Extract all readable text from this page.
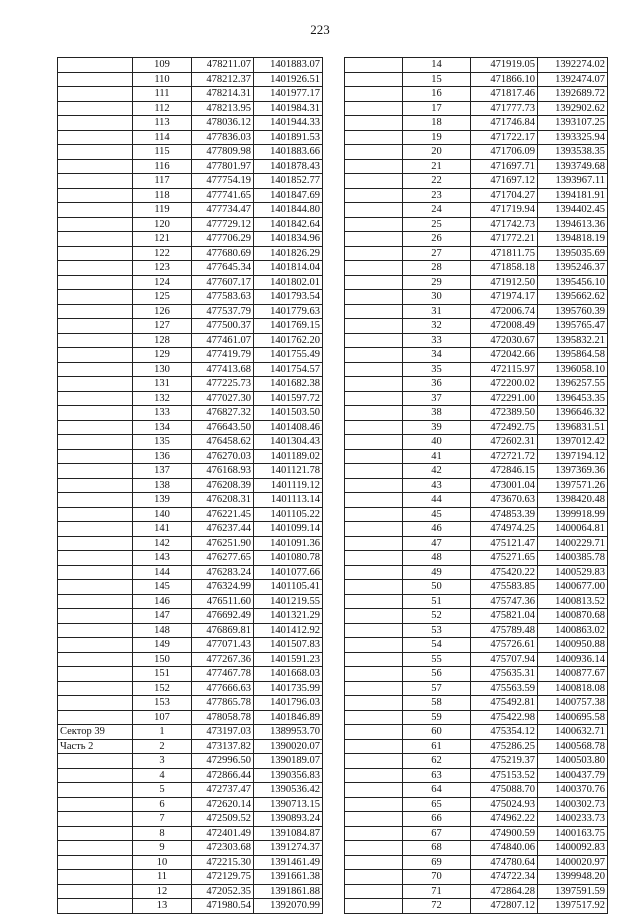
223
	109	478211.07	1401883.07
	110	478212.37	1401926.51
	111	478214.31	1401977.17
	112	478213.95	1401984.31
	113	478036.12	1401944.33
	114	477836.03	1401891.53
	115	477809.98	1401883.66
	116	477801.97	1401878.43
	117	477754.19	1401852.77
	118	477741.65	1401847.69
	119	477734.47	1401844.80
	120	477729.12	1401842.64
	121	477706.29	1401834.96
	122	477680.69	1401826.29
	123	477645.34	1401814.04
	124	477607.17	1401802.01
	125	477583.63	1401793.54
	126	477537.79	1401779.63
	127	477500.37	1401769.15
	128	477461.07	1401762.20
	129	477419.79	1401755.49
	130	477413.68	1401754.57
	131	477225.73	1401682.38
	132	477027.30	1401597.72
	133	476827.32	1401503.50
	134	476643.50	1401408.46
	135	476458.62	1401304.43
	136	476270.03	1401189.02
	137	476168.93	1401121.78
	138	476208.39	1401119.12
	139	476208.31	1401113.14
	140	476221.45	1401105.22
	141	476237.44	1401099.14
	142	476251.90	1401091.36
	143	476277.65	1401080.78
	144	476283.24	1401077.66
	145	476324.99	1401105.41
	146	476511.60	1401219.55
	147	476692.49	1401321.29
	148	476869.81	1401412.92
	149	477071.43	1401507.83
	150	477267.36	1401591.23
	151	477467.78	1401668.03
	152	477666.63	1401735.99
	153	477865.78	1401796.03
	107	478058.78	1401846.89
Сектор 39	1	473197.03	1389953.70
Часть 2	2	473137.82	1390020.07
	3	472996.50	1390189.07
	4	472866.44	1390356.83
	5	472737.47	1390536.42
	6	472620.14	1390713.15
	7	472509.52	1390893.24
	8	472401.49	1391084.87
	9	472303.68	1391274.37
	10	472215.30	1391461.49
	11	472129.75	1391661.38
	12	472052.35	1391861.88
	13	471980.54	1392070.99
	14	471919.05	1392274.02
	15	471866.10	1392474.07
	16	471817.46	1392689.72
	17	471777.73	1392902.62
	18	471746.84	1393107.25
	19	471722.17	1393325.94
	20	471706.09	1393538.35
	21	471697.71	1393749.68
	22	471697.12	1393967.11
	23	471704.27	1394181.91
	24	471719.94	1394402.45
	25	471742.73	1394613.36
	26	471772.21	1394818.19
	27	471811.75	1395035.69
	28	471858.18	1395246.37
	29	471912.50	1395456.10
	30	471974.17	1395662.62
	31	472006.74	1395760.39
	32	472008.49	1395765.47
	33	472030.67	1395832.21
	34	472042.66	1395864.58
	35	472115.97	1396058.10
	36	472200.02	1396257.55
	37	472291.00	1396453.35
	38	472389.50	1396646.32
	39	472492.75	1396831.51
	40	472602.31	1397012.42
	41	472721.72	1397194.12
	42	472846.15	1397369.36
	43	473001.04	1397571.26
	44	473670.63	1398420.48
	45	474853.39	1399918.99
	46	474974.25	1400064.81
	47	475121.47	1400229.71
	48	475271.65	1400385.78
	49	475420.22	1400529.83
	50	475583.85	1400677.00
	51	475747.36	1400813.52
	52	475821.04	1400870.68
	53	475789.48	1400863.02
	54	475726.61	1400950.88
	55	475707.94	1400936.14
	56	475635.31	1400877.67
	57	475563.59	1400818.08
	58	475492.81	1400757.38
	59	475422.98	1400695.58
	60	475354.12	1400632.71
	61	475286.25	1400568.78
	62	475219.37	1400503.80
	63	475153.52	1400437.79
	64	475088.70	1400370.76
	65	475024.93	1400302.73
	66	474962.22	1400233.73
	67	474900.59	1400163.75
	68	474840.06	1400092.83
	69	474780.64	1400020.97
	70	474722.34	1399948.20
	71	472864.28	1397591.59
	72	472807.12	1397517.92
